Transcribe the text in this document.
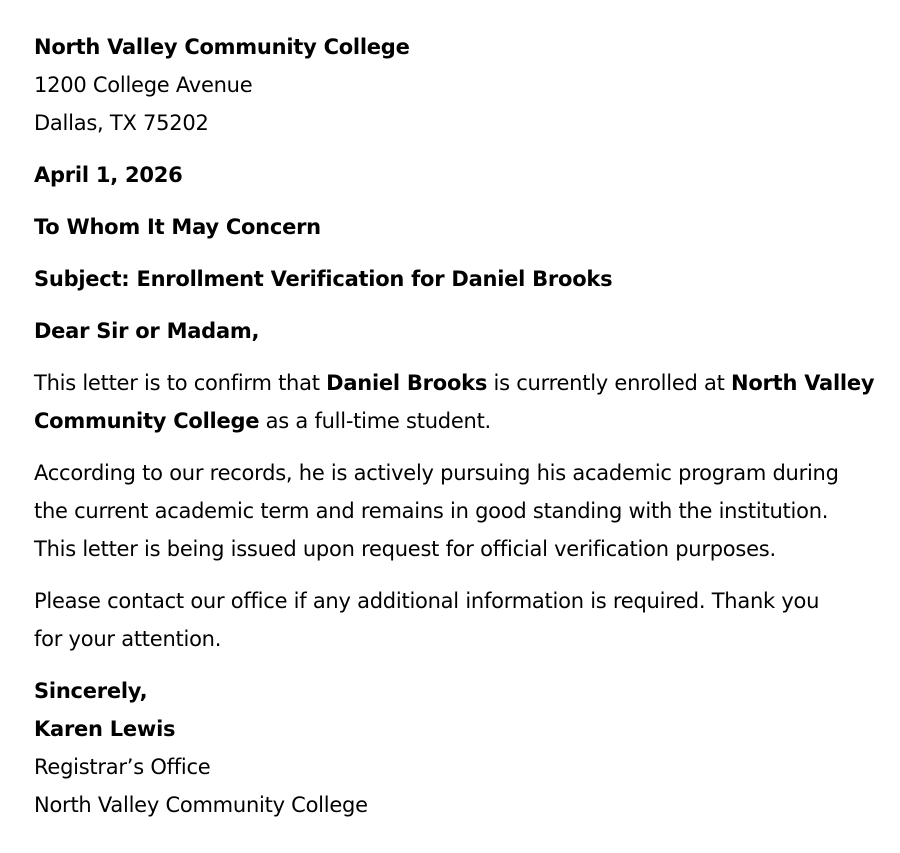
North Valley Community College
1200 College Avenue
Dallas, TX 75202
April 1, 2026
To Whom It May Concern
Subject: Enrollment Verification for Daniel Brooks
Dear Sir or Madam,
This letter is to confirm that Daniel Brooks is currently enrolled at North Valley Community College as a full-time student.
According to our records, he is actively pursuing his academic program during
the current academic term and remains in good standing with the institution.
This letter is being issued upon request for official verification purposes.
Please contact our office if any additional information is required. Thank you
for your attention.
Sincerely,
Karen Lewis
Registrar’s Office
North Valley Community College
